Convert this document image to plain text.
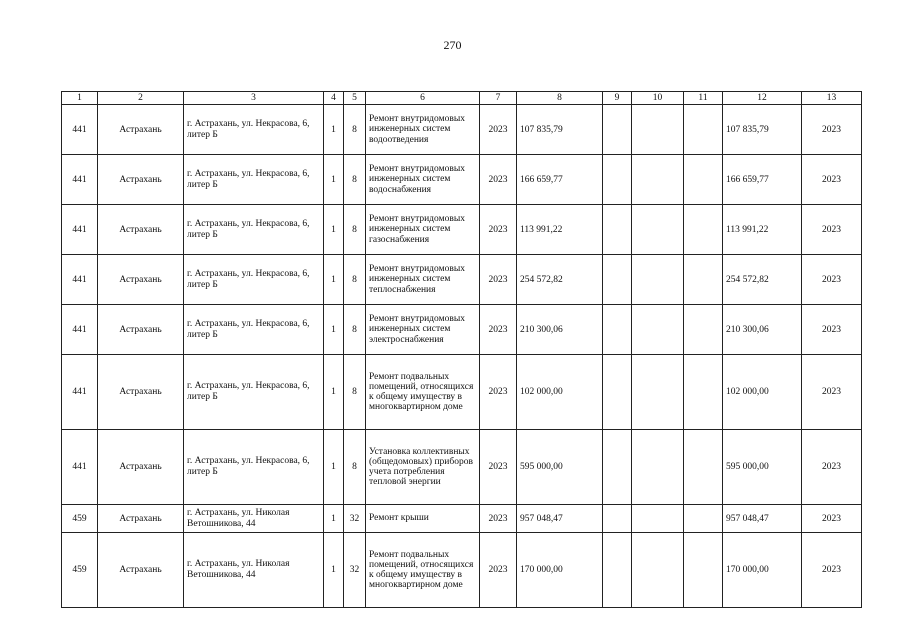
270
1	2	3	4	5	6	7	8	9	10	11	12	13
441	Астрахань	г. Астрахань, ул. Некрасова, 6, литер Б	1	8	Ремонт внутридомовых инженерных систем водоотведения	2023	107 835,79				107 835,79	2023
441	Астрахань	г. Астрахань, ул. Некрасова, 6, литер Б	1	8	Ремонт внутридомовых инженерных систем водоснабжения	2023	166 659,77				166 659,77	2023
441	Астрахань	г. Астрахань, ул. Некрасова, 6, литер Б	1	8	Ремонт внутридомовых инженерных систем газоснабжения	2023	113 991,22				113 991,22	2023
441	Астрахань	г. Астрахань, ул. Некрасова, 6, литер Б	1	8	Ремонт внутридомовых инженерных систем теплоснабжения	2023	254 572,82				254 572,82	2023
441	Астрахань	г. Астрахань, ул. Некрасова, 6, литер Б	1	8	Ремонт внутридомовых инженерных систем электроснабжения	2023	210 300,06				210 300,06	2023
441	Астрахань	г. Астрахань, ул. Некрасова, 6, литер Б	1	8	Ремонт подвальных помещений, относящихся к общему имуществу в многоквартирном доме	2023	102 000,00				102 000,00	2023
441	Астрахань	г. Астрахань, ул. Некрасова, 6, литер Б	1	8	Установка коллективных (общедомовых) приборов учета потребления тепловой энергии	2023	595 000,00				595 000,00	2023
459	Астрахань	г. Астрахань, ул. Николая Ветошникова, 44	1	32	Ремонт крыши	2023	957 048,47				957 048,47	2023
459	Астрахань	г. Астрахань, ул. Николая Ветошникова, 44	1	32	Ремонт подвальных помещений, относящихся к общему имуществу в многоквартирном доме	2023	170 000,00				170 000,00	2023
